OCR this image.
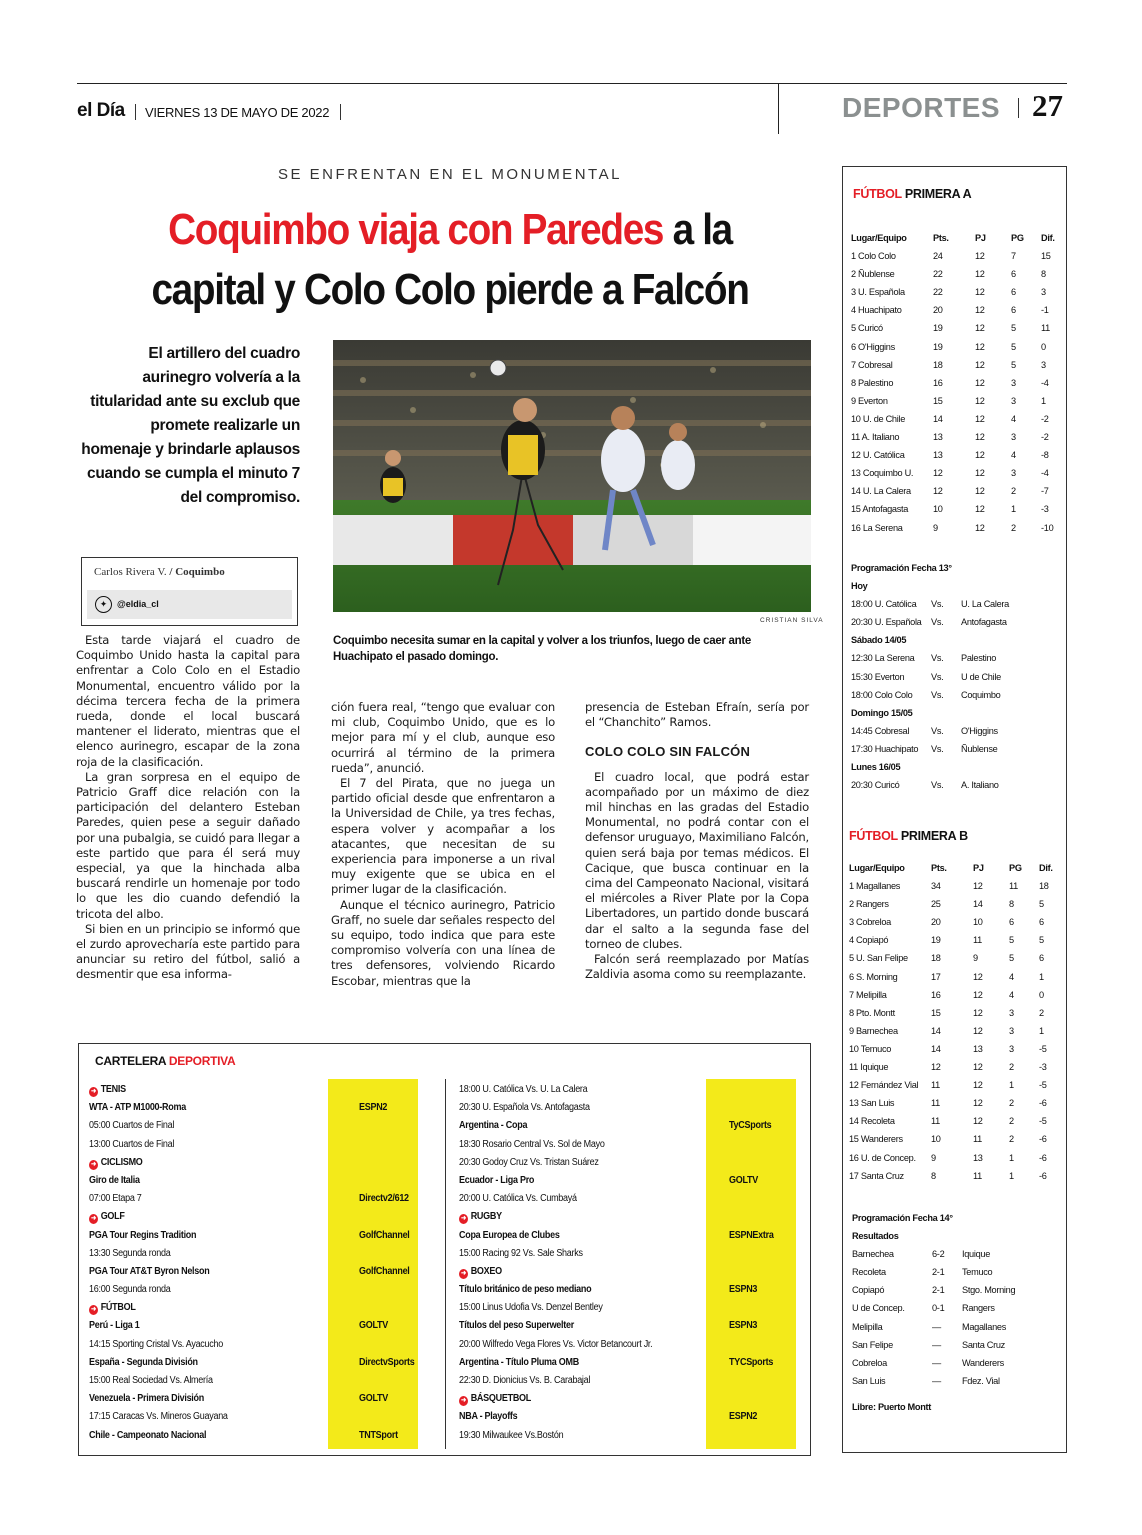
el Día VIERNES 13 DE MAYO DE 2022	DEPORTES 27
SE ENFRENTAN EN EL MONUMENTAL
Coquimbo viaja con Paredes a la capital y Colo Colo pierde a Falcón
El artillero del cuadro aurinegro volvería a la titularidad ante su exclub que promete realizarle un homenaje y brindarle aplausos cuando se cumpla el minuto 7 del compromiso.
Carlos Rivera V. / Coquimbo
✦	@eldia_cl
CRISTIAN SILVA
Coquimbo necesita sumar en la capital y volver a los triunfos, luego de caer ante Huachipato el pasado domingo.

Esta tarde viajará el cuadro de Coquimbo Unido hasta la capital para enfrentar a Colo Colo en el Estadio Monumental, encuentro válido por la décima tercera fecha de la primera rueda, donde el local buscará mantener el liderato, mientras que el elenco aurinegro, escapar de la zona roja de la clasificación.

La gran sorpresa en el equipo de Patricio Graff dice relación con la participación del delantero Esteban Paredes, quien pese a seguir dañado por una pubalgia, se cuidó para llegar a este partido que para él será muy especial, ya que la hinchada alba buscará rendirle un homenaje por todo lo que les dio cuando defendió la tricota del albo.

Si bien en un principio se informó que el zurdo aprovecharía este partido para anunciar su retiro del fútbol, salió a desmentir que esa informa-

ción fuera real, “tengo que evaluar con mi club, Coquimbo Unido, que es lo mejor para mí y el club, aunque eso ocurrirá al término de la primera rueda”, anunció.

El 7 del Pirata, que no juega un partido oficial desde que enfrentaron a la Universidad de Chile, ya tres fechas, espera volver y acompañar a los atacantes, que necesitan de su experiencia para imponerse a un rival muy exigente que se ubica en el primer lugar de la clasificación.

Aunque el técnico aurinegro, Patricio Graff, no suele dar señales respecto del su equipo, todo indica que para este compromiso volvería con una línea de tres defensores, volviendo Ricardo Escobar, mientras que la

presencia de Esteban Efraín, sería por el “Chanchito” Ramos.

COLO COLO SIN FALCÓN

El cuadro local, que podrá estar acompañado por un máximo de diez mil hinchas en las gradas del Estadio Monumental, no podrá contar con el defensor uruguayo, Maximiliano Falcón, quien será baja por temas médicos. El Cacique, que busca continuar en la cima del Campeonato Nacional, visitará el miércoles a River Plate por la Copa Libertadores, un partido donde buscará dar el salto a la segunda fase del torneo de clubes.

Falcón será reemplazado por Matías Zaldivia asoma como su reemplazante.

CARTELERA DEPORTIVA
➜ TENIS
WTA - ATP M1000-Roma	ESPN2
05:00 Cuartos de Final
13:00 Cuartos de Final
➜ CICLISMO
Giro de Italia
07:00 Etapa 7	Directv2/612
➜ GOLF
PGA Tour Regins Tradition	GolfChannel
13:30 Segunda ronda
PGA Tour AT&T Byron Nelson	GolfChannel
16:00 Segunda ronda
➜ FÚTBOL
Perú - Liga 1	GOLTV
14:15 Sporting Cristal Vs. Ayacucho
España - Segunda División	DirectvSports
15:00 Real Sociedad Vs. Almería
Venezuela - Primera División	GOLTV
17:15 Caracas Vs. Mineros Guayana
Chile - Campeonato Nacional	TNTSport
18:00 U. Católica Vs. U. La Calera
20:30 U. Española Vs. Antofagasta
Argentina - Copa	TyCSports
18:30 Rosario Central Vs. Sol de Mayo
20:30 Godoy Cruz Vs. Tristan Suárez
Ecuador - Liga Pro	GOLTV
20:00 U. Católica Vs. Cumbayá
➜ RUGBY
Copa Europea de Clubes	ESPNExtra
15:00 Racing 92 Vs. Sale Sharks
➜ BOXEO
Título británico de peso mediano	ESPN3
15:00 Linus Udofia Vs. Denzel Bentley
Títulos del peso Superwelter	ESPN3
20:00 Wilfredo Vega Flores Vs. Victor Betancourt Jr.
Argentina - Título Pluma OMB	TYCSports
22:30 D. Dionicius Vs. B. Carabajal
➜ BÁSQUETBOL
NBA - Playoffs	ESPN2
19:30 Milwaukee Vs.Bostón
FÚTBOL PRIMERA A
Lugar/Equipo	Pts.	PJ	PG Dif.
1 Colo Colo	24	12	7	15
2 Ñublense	22	12	6	8
3 U. Española	22	12	6	3
4 Huachipato	20	12	6	-1
5 Curicó	19	12	5	11
6 O'Higgins	19	12	5	0
7 Cobresal	18	12	5	3
8 Palestino	16	12	3	-4
9 Everton	15	12	3	1
10 U. de Chile	14	12	4	-2
11 A. Italiano	13	12	3	-2
12 U. Católica	13	12	4	-8
13 Coquimbo U. 12	12	3	-4
14 U. La Calera 12	12	2	-7
15 Antofagasta	10	12	1	-3
16 La Serena	9	12	2	-10
Programación Fecha 13°
Hoy
18:00 U. Católica Vs. U. La Calera
20:30 U. Española Vs. Antofagasta
Sábado 14/05
12:30 La Serena Vs. Palestino
15:30 Everton	Vs. U de Chile
18:00 Colo Colo Vs. Coquimbo
Domingo 15/05
14:45 Cobresal Vs. O'Higgins
17:30 Huachipato Vs. Ñublense
Lunes 16/05
20:30 Curicó	Vs. A. Italiano
FÚTBOL PRIMERA B
Lugar/Equipo	Pts.	PJ	PG Dif.
1 Magallanes	34	12	11 18
2 Rangers	25	14	8	5
3 Cobreloa	20	10	6	6
4 Copiapó	19	11	5	5
5 U. San Felipe	18	9	5	6
6 S. Morning	17	12	4	1
7 Melipilla	16	12	4	0
8 Pto. Montt	15	12	3	2
9 Barnechea	14	12	3	1
10 Temuco	14	13	3	-5
11 Iquique	12	12	2	-3
12 Fernández Vial 11	12	1	-5
13 San Luis	11	12	2	-6
14 Recoleta	11	12	2	-5
15 Wanderers	10	11	2	-6
16 U. de Concep. 9	13	1	-6
17 Santa Cruz	8	11	1	-6
Programación Fecha 14°
Resultados
Barnechea	6-2 Iquique
Recoleta	2-1 Temuco
Copiapó	2-1 Stgo. Morning
U de Concep.	0-1 Rangers
Melipilla	— Magallanes
San Felipe	— Santa Cruz
Cobreloa	— Wanderers
San Luis	— Fdez. Vial
Libre: Puerto Montt
